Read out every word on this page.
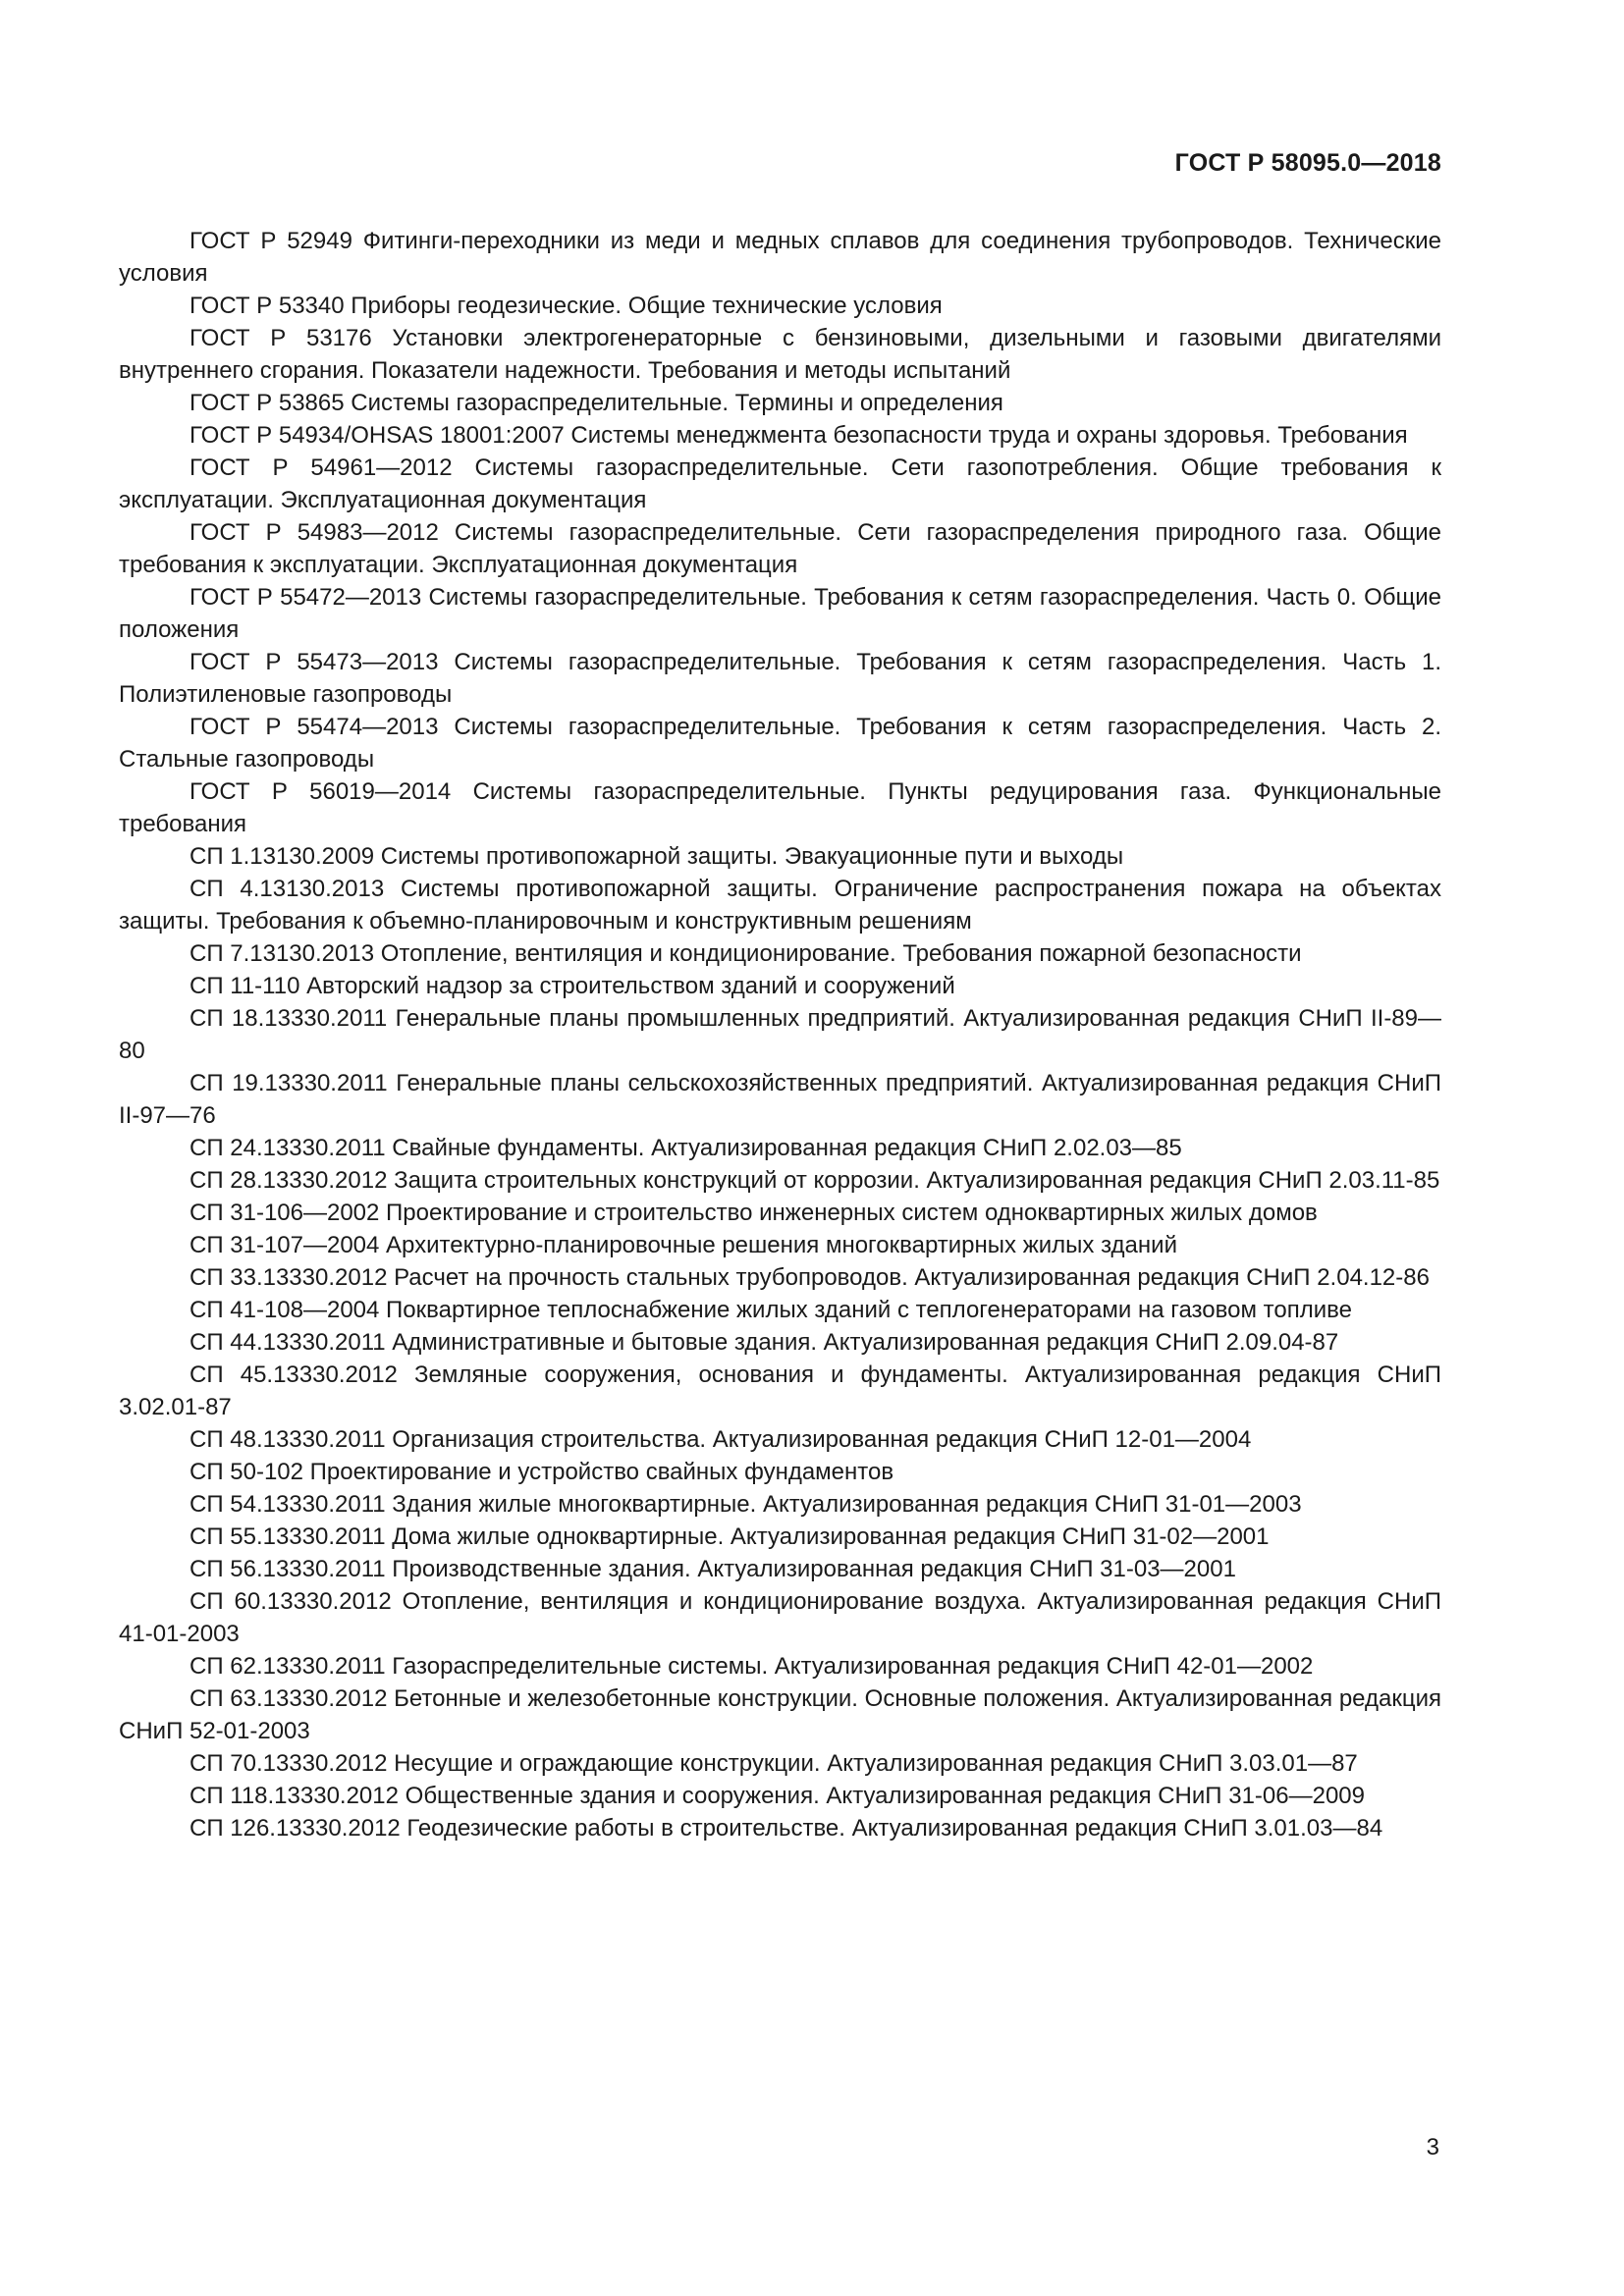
ГОСТ Р 58095.0—2018
ГОСТ Р 52949 Фитинги-переходники из меди и медных сплавов для соединения трубопроводов. Технические условия
ГОСТ Р 53340 Приборы геодезические. Общие технические условия
ГОСТ Р 53176 Установки электрогенераторные с бензиновыми, дизельными и газовыми двигателями внутреннего сгорания. Показатели надежности. Требования и методы испытаний
ГОСТ Р 53865 Системы газораспределительные. Термины и определения
ГОСТ Р 54934/OHSAS 18001:2007 Системы менеджмента безопасности труда и охраны здоровья. Требования
ГОСТ Р 54961—2012 Системы газораспределительные. Сети газопотребления. Общие требования к эксплуатации. Эксплуатационная документация
ГОСТ Р 54983—2012 Системы газораспределительные. Сети газораспределения природного газа. Общие требования к эксплуатации. Эксплуатационная документация
ГОСТ Р 55472—2013 Системы газораспределительные. Требования к сетям газораспределения. Часть 0. Общие положения
ГОСТ Р 55473—2013 Системы газораспределительные. Требования к сетям газораспределения. Часть 1. Полиэтиленовые газопроводы
ГОСТ Р 55474—2013 Системы газораспределительные. Требования к сетям газораспределения. Часть 2. Стальные газопроводы
ГОСТ Р 56019—2014 Системы газораспределительные. Пункты редуцирования газа. Функциональные требования
СП 1.13130.2009 Системы противопожарной защиты. Эвакуационные пути и выходы
СП 4.13130.2013 Системы противопожарной защиты. Ограничение распространения пожара на объектах защиты. Требования к объемно-планировочным и конструктивным решениям
СП 7.13130.2013 Отопление, вентиляция и кондиционирование. Требования пожарной безопасности
СП 11-110 Авторский надзор за строительством зданий и сооружений
СП 18.13330.2011 Генеральные планы промышленных предприятий. Актуализированная редакция СНиП II-89—80
СП 19.13330.2011 Генеральные планы сельскохозяйственных предприятий. Актуализированная редакция СНиП II-97—76
СП 24.13330.2011 Свайные фундаменты. Актуализированная редакция СНиП 2.02.03—85
СП 28.13330.2012 Защита строительных конструкций от коррозии. Актуализированная редакция СНиП 2.03.11-85
СП 31-106—2002 Проектирование и строительство инженерных систем одноквартирных жилых домов
СП 31-107—2004 Архитектурно-планировочные решения многоквартирных жилых зданий
СП 33.13330.2012 Расчет на прочность стальных трубопроводов. Актуализированная редакция СНиП 2.04.12-86
СП 41-108—2004 Поквартирное теплоснабжение жилых зданий с теплогенераторами на газовом топливе
СП 44.13330.2011 Административные и бытовые здания. Актуализированная редакция СНиП 2.09.04-87
СП 45.13330.2012 Земляные сооружения, основания и фундаменты. Актуализированная редакция СНиП 3.02.01-87
СП 48.13330.2011 Организация строительства. Актуализированная редакция СНиП 12-01—2004
СП 50-102 Проектирование и устройство свайных фундаментов
СП 54.13330.2011 Здания жилые многоквартирные. Актуализированная редакция СНиП 31-01—2003
СП 55.13330.2011 Дома жилые одноквартирные. Актуализированная редакция СНиП 31-02—2001
СП 56.13330.2011 Производственные здания. Актуализированная редакция СНиП 31-03—2001
СП 60.13330.2012 Отопление, вентиляция и кондиционирование воздуха. Актуализированная редакция СНиП 41-01-2003
СП 62.13330.2011 Газораспределительные системы. Актуализированная редакция СНиП 42-01—2002
СП 63.13330.2012 Бетонные и железобетонные конструкции. Основные положения. Актуализированная редакция СНиП 52-01-2003
СП 70.13330.2012 Несущие и ограждающие конструкции. Актуализированная редакция СНиП 3.03.01—87
СП 118.13330.2012 Общественные здания и сооружения. Актуализированная редакция СНиП 31-06—2009
СП 126.13330.2012 Геодезические работы в строительстве. Актуализированная редакция СНиП 3.01.03—84
3
